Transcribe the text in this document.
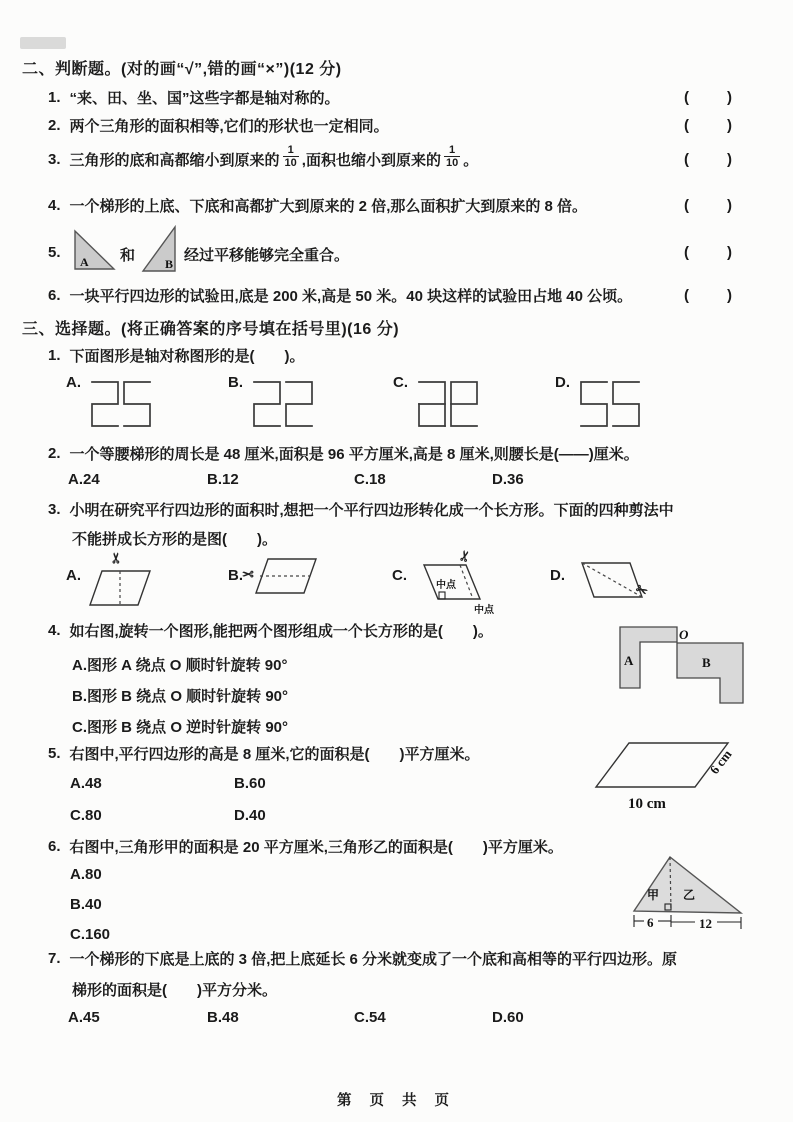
二、判断题。(对的画“√”,错的画“×”)(12 分)
1. “来、田、坐、国”这些字都是轴对称的。	(	)
2. 两个三角形的面积相等,它们的形状也一定相同。	(	)
3. 三角形的底和高都缩小到原来的 $\frac{1}{10}$ ,面积也缩小到原来的 $\frac{1}{10}$ 。	(	)
4. 一个梯形的上底、下底和高都扩大到原来的 2 倍,那么面积扩大到原来的 8 倍。	(	)
5.
A 和 B 经过平移能够完全重合。	(	)
6. 一块平行四边形的试验田,底是 200 米,高是 50 米。40 块这样的试验田占地 40 公顷。	(	)
三、选择题。(将正确答案的序号填在括号里)(16 分)
1. 下面图形是轴对称图形的是(　　)。
A.	B.	C.	D.
2. 一个等腰梯形的周长是 48 厘米,面积是 96 平方厘米,高是 8 厘米,则腰长是(——)厘米。
A.24	B.12	C.18	D.36
3. 小明在研究平行四边形的面积时,想把一个平行四边形转化成一个长方形。下面的四种剪法中
不能拼成长方形的是图(　　)。
A.
✂
B. ✂	C.
✂
中点
中点
D.
✂
4. 如右图,旋转一个图形,能把两个图形组成一个长方形的是(　　)。
A.图形 A 绕点 O 顺时针旋转 90°
B.图形 B 绕点 O 顺时针旋转 90°
C.图形 B 绕点 O 逆时针旋转 90°
A	B
O
5. 右图中,平行四边形的高是 8 厘米,它的面积是(　　)平方厘米。
A.48	B.60
C.80	D.40
10 cm
6 cm
6. 右图中,三角形甲的面积是 20 平方厘米,三角形乙的面积是(　　)平方厘米。
A.80
B.40
C.160
甲 乙
6	12
7. 一个梯形的下底是上底的 3 倍,把上底延长 6 分米就变成了一个底和高相等的平行四边形。原
梯形的面积是(　　)平方分米。
A.45	B.48	C.54	D.60
第 页 共 页
